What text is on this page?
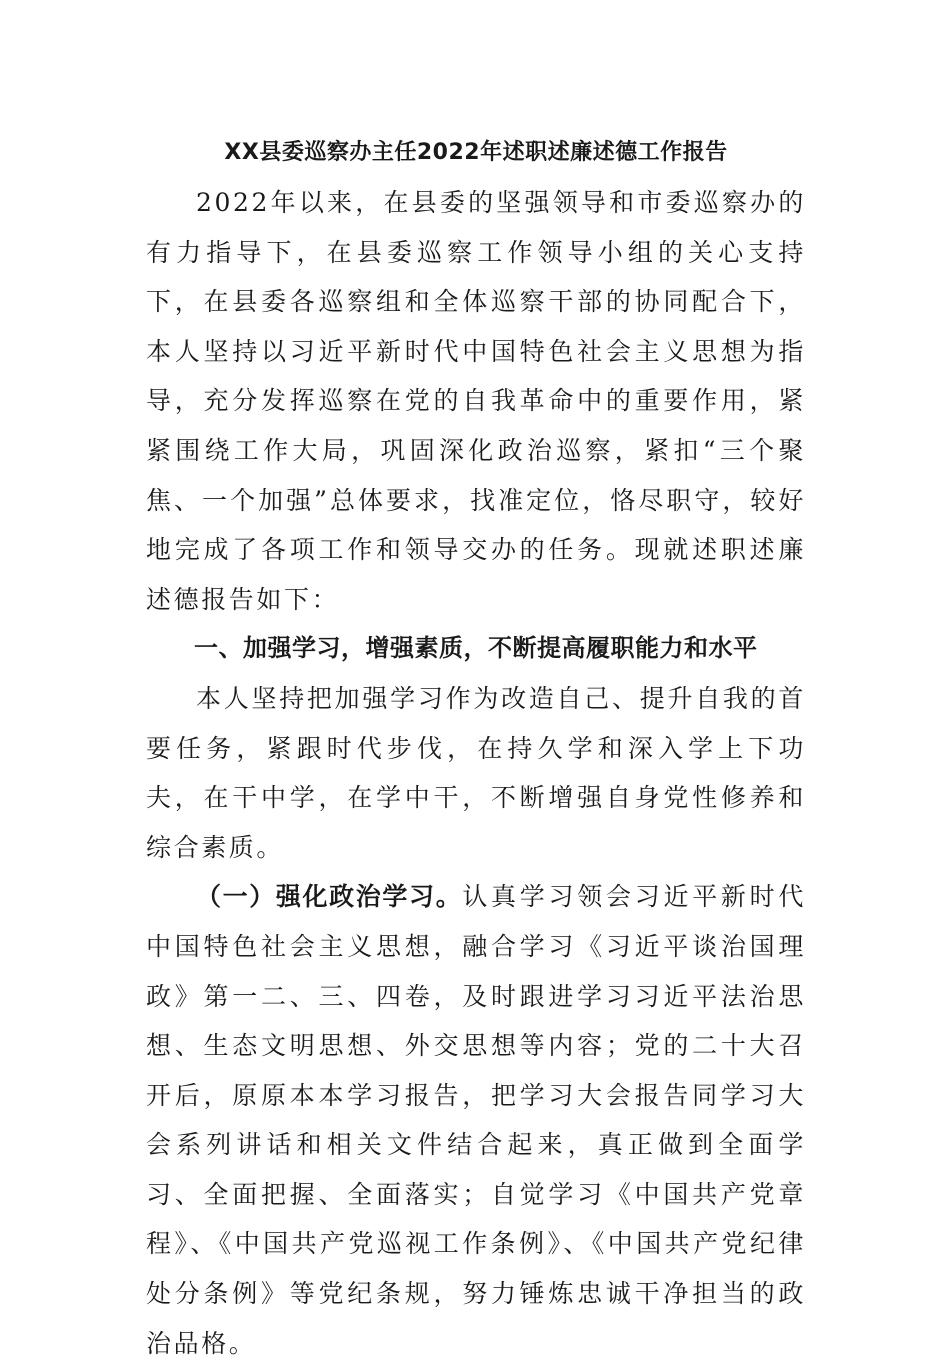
XX县委巡察办主任2022年述职述廉述德工作报告

2022年以来，在县委的坚强领导和市委巡察办的有力指导下，在县委巡察工作领导小组的关心支持下，在县委各巡察组和全体巡察干部的协同配合下，本人坚持以习近平新时代中国特色社会主义思想为指导，充分发挥巡察在党的自我革命中的重要作用，紧紧围绕工作大局，巩固深化政治巡察，紧扣“三个聚焦、一个加强”总体要求，找准定位，恪尽职守，较好地完成了各项工作和领导交办的任务。现就述职述廉述德报告如下：

一、加强学习，增强素质，不断提高履职能力和水平

本人坚持把加强学习作为改造自己、提升自我的首要任务，紧跟时代步伐，在持久学和深入学上下功夫，在干中学，在学中干，不断增强自身党性修养和综合素质。

（一）强化政治学习。认真学习领会习近平新时代中国特色社会主义思想，融合学习《习近平谈治国理政》第一二、三、四卷，及时跟进学习习近平法治思想、生态文明思想、外交思想等内容；党的二十大召开后，原原本本学习报告，把学习大会报告同学习大会系列讲话和相关文件结合起来，真正做到全面学习、全面把握、全面落实；自觉学习《中国共产党章程》、《中国共产党巡视工作条例》、《中国共产党纪律处分条例》等党纪条规，努力锤炼忠诚干净担当的政治品格。
